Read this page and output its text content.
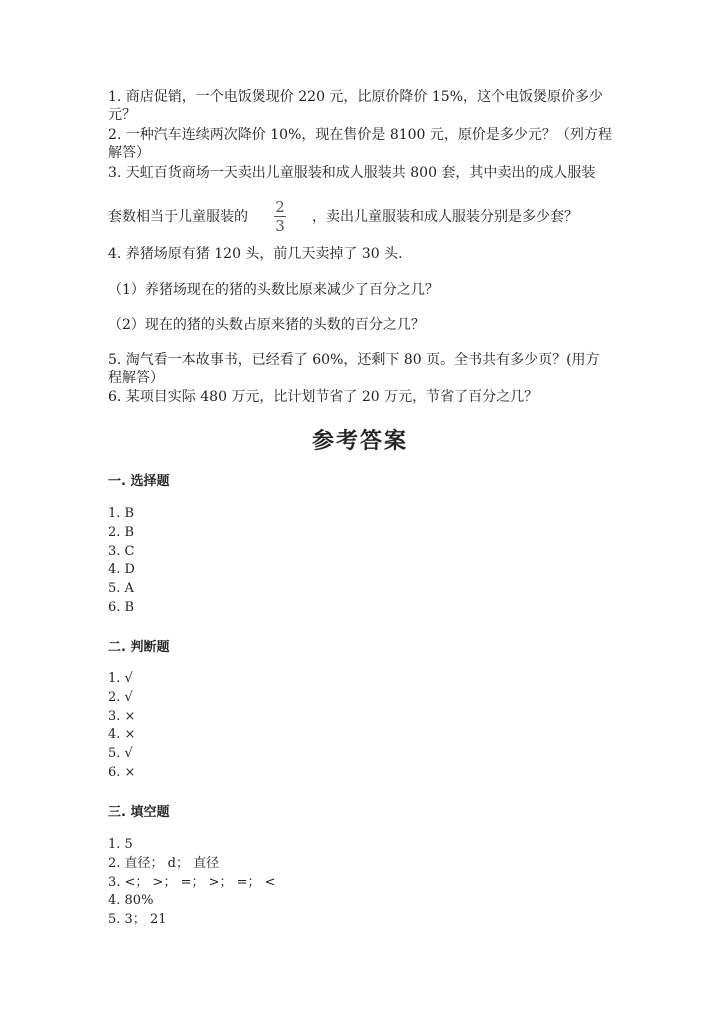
1. 商店促销，一个电饭煲现价 220 元，比原价降价 15%，这个电饭煲原价多少
元？
2. 一种汽车连续两次降价 10%，现在售价是 8100 元，原价是多少元？（列方程
解答）
3. 天虹百货商场一天卖出儿童服装和成人服装共 800 套，其中卖出的成人服装
套数相当于儿童服装的
2
3 ，卖出儿童服装和成人服装分别是多少套？
4. 养猪场原有猪 120 头，前几天卖掉了 30 头.
（1）养猪场现在的猪的头数比原来减少了百分之几？
（2）现在的猪的头数占原来猪的头数的百分之几？
5. 淘气看一本故事书，已经看了 60%，还剩下 80 页。全书共有多少页？(用方
程解答）
6. 某项目实际 480 万元，比计划节省了 20 万元，节省了百分之几？
参考答案
一. 选择题
1. B
2. B
3. C
4. D
5. A
6. B
二. 判断题
1. √
2. √
3. ×
4. ×
5. √
6. ×
三. 填空题
1. 5
2. 直径； d； 直径
3. <； >； =； >； =； <
4. 80%
5. 3； 21
